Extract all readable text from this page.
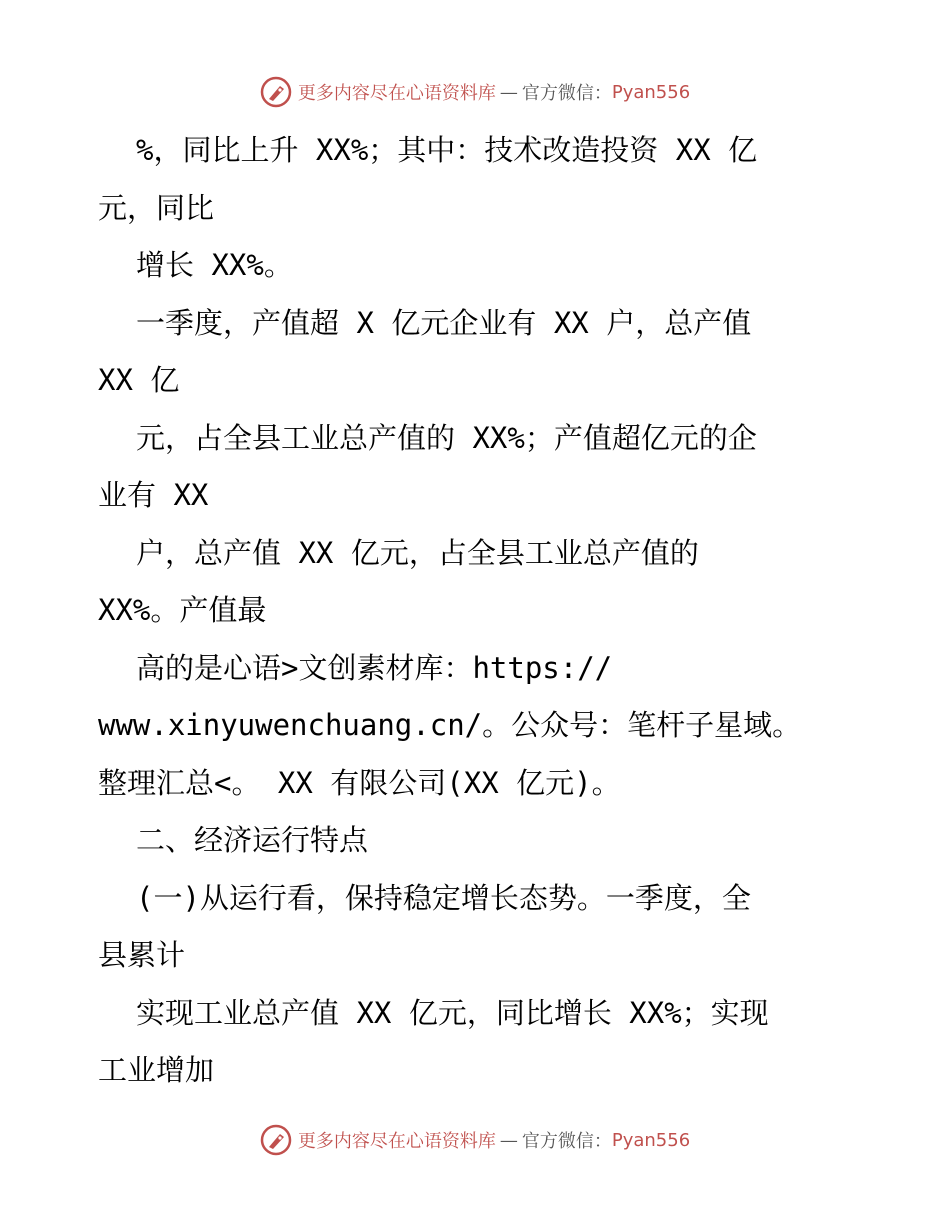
更多内容尽在心语资料库 — 官方微信： Pyan556
%，同比上升 XX%；其中：技术改造投资 XX 亿
元，同比
增长 XX%。
一季度，产值超 X 亿元企业有 XX 户，总产值
XX 亿
元，占全县工业总产值的 XX%；产值超亿元的企
业有 XX
户，总产值 XX 亿元，占全县工业总产值的
XX%。产值最
高的是心语>文创素材库：https://
www.xinyuwenchuang.cn/。公众号：笔杆子星域。
整理汇总<。 XX 有限公司(XX 亿元)。
二、经济运行特点
(一)从运行看，保持稳定增长态势。一季度，全
县累计
实现工业总产值 XX 亿元，同比增长 XX%；实现
工业增加
更多内容尽在心语资料库 — 官方微信： Pyan556
